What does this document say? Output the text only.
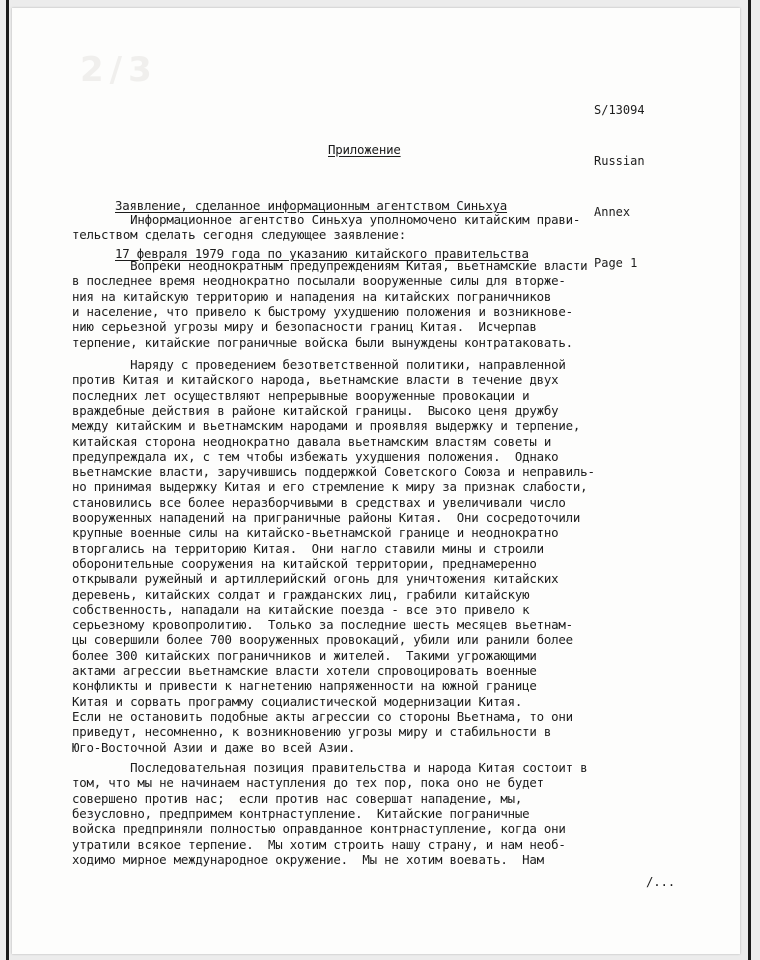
2/3

S/13094

Russian

Annex

Page 1

Приложение

Заявление, сделанное информационным агентством Синьхуа

17 февраля 1979 года по указанию китайского правительства

Информационное агентство Синьхуа уполномочено китайским прави-
тельством сделать сегодня следующее заявление:
Вопреки неоднократным предупреждениям Китая, вьетнамские власти
в последнее время неоднократно посылали вооруженные силы для вторже-
ния на китайскую территорию и нападения на китайских пограничников
и население, что привело к быстрому ухудшению положения и возникнове-
нию серьезной угрозы миру и безопасности границ Китая.  Исчерпав
терпение, китайские пограничные войска были вынуждены контратаковать.
Наряду с проведением безответственной политики, направленной
против Китая и китайского народа, вьетнамские власти в течение двух
последних лет осуществляют непрерывные вооруженные провокации и
враждебные действия в районе китайской границы.  Высоко ценя дружбу
между китайским и вьетнамским народами и проявляя выдержку и терпение,
китайская сторона неоднократно давала вьетнамским властям советы и
предупреждала их, с тем чтобы избежать ухудшения положения.  Однако
вьетнамские власти, заручившись поддержкой Советского Союза и неправиль-
но принимая выдержку Китая и его стремление к миру за признак слабости,
становились все более неразборчивыми в средствах и увеличивали число
вооруженных нападений на приграничные районы Китая.  Они сосредоточили
крупные военные силы на китайско-вьетнамской границе и неоднократно
вторгались на территорию Китая.  Они нагло ставили мины и строили
оборонительные сооружения на китайской территории, преднамеренно
открывали ружейный и артиллерийский огонь для уничтожения китайских
деревень, китайских солдат и гражданских лиц, грабили китайскую
собственность, нападали на китайские поезда - все это привело к
серьезному кровопролитию.  Только за последние шесть месяцев вьетнам-
цы совершили более 700 вооруженных провокаций, убили или ранили более
более 300 китайских пограничников и жителей.  Такими угрожающими
актами агрессии вьетнамские власти хотели спровоцировать военные
конфликты и привести к нагнетению напряженности на южной границе
Китая и сорвать программу социалистической модернизации Китая.
Если не остановить подобные акты агрессии со стороны Вьетнама, то они
приведут, несомненно, к возникновению угрозы миру и стабильности в
Юго-Восточной Азии и даже во всей Азии.
Последовательная позиция правительства и народа Китая состоит в
том, что мы не начинаем наступления до тех пор, пока оно не будет
совершено против нас;  если против нас совершат нападение, мы,
безусловно, предпримем контрнаступление.  Китайские пограничные
войска предприняли полностью оправданное контрнаступление, когда они
утратили всякое терпение.  Мы хотим строить нашу страну, и нам необ-
ходимо мирное международное окружение.  Мы не хотим воевать.  Нам
/...
